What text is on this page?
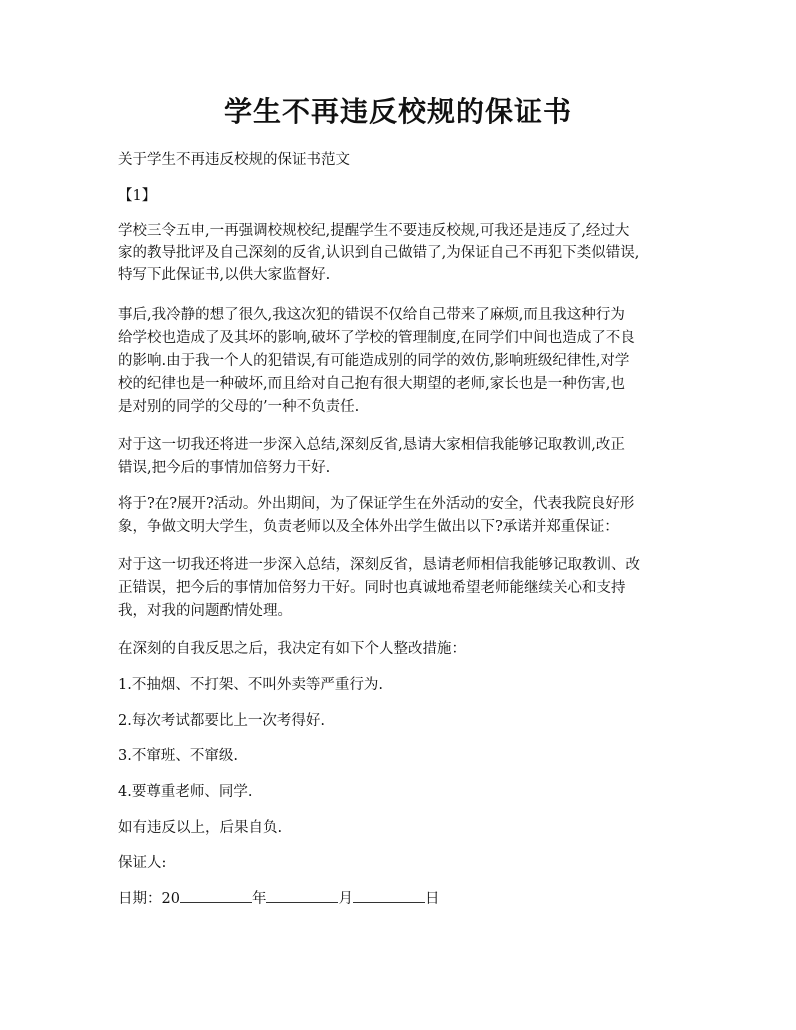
学生不再违反校规的保证书
关于学生不再违反校规的保证书范文
【1】
学校三令五申,一再强调校规校纪,提醒学生不要违反校规,可我还是违反了,经过大
家的教导批评及自己深刻的反省,认识到自己做错了,为保证自己不再犯下类似错误,
特写下此保证书,以供大家监督好.
事后,我冷静的想了很久,我这次犯的错误不仅给自己带来了麻烦,而且我这种行为
给学校也造成了及其坏的影响,破坏了学校的管理制度,在同学们中间也造成了不良
的影响.由于我一个人的犯错误,有可能造成别的同学的效仿,影响班级纪律性,对学
校的纪律也是一种破坏,而且给对自己抱有很大期望的老师,家长也是一种伤害,也
是对别的同学的父母的’一种不负责任.
对于这一切我还将进一步深入总结,深刻反省,恳请大家相信我能够记取教训,改正
错误,把今后的事情加倍努力干好.
将于?在?展开?活动。外出期间，为了保证学生在外活动的安全，代表我院良好形
象，争做文明大学生，负责老师以及全体外出学生做出以下?承诺并郑重保证：
对于这一切我还将进一步深入总结，深刻反省，恳请老师相信我能够记取教训、改
正错误，把今后的事情加倍努力干好。同时也真诚地希望老师能继续关心和支持
我，对我的问题酌情处理。
在深刻的自我反思之后，我决定有如下个人整改措施：
1.不抽烟、不打架、不叫外卖等严重行为.
2.每次考试都要比上一次考得好.
3.不窜班、不窜级.
4.要尊重老师、同学.
如有违反以上，后果自负.
保证人:
日期：20	年	月	日
